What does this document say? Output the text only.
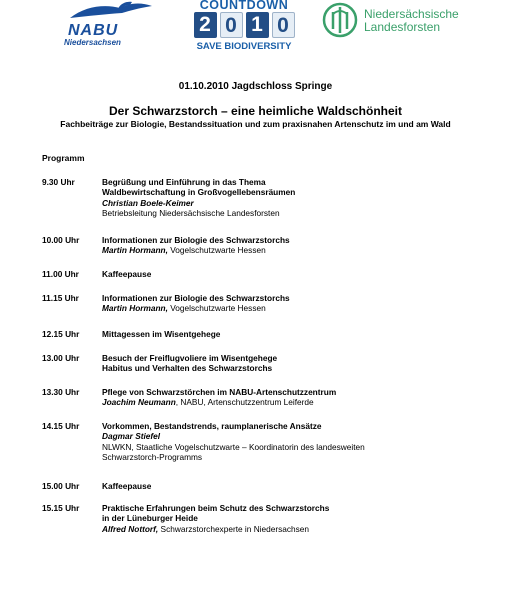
NABU
Niedersachsen
COUNTDOWN
2 0 1 0
SAVE BIODIVERSITY
Niedersächsische
Landesforsten
01.10.2010 Jagdschloss Springe
Der Schwarzstorch – eine heimliche Waldschönheit
Fachbeiträge zur Biologie, Bestandssituation und zum praxisnahen Artenschutz im und am Wald
Programm
9.30 Uhr	Begrüßung und Einführung in das Thema
Waldbewirtschaftung in Großvogellebensräumen
Christian Boele-Keimer
Betriebsleitung Niedersächsische Landesforsten
10.00 Uhr	Informationen zur Biologie des Schwarzstorchs
Martin Hormann, Vogelschutzwarte Hessen
11.00 Uhr	Kaffeepause
11.15 Uhr	Informationen zur Biologie des Schwarzstorchs
Martin Hormann, Vogelschutzwarte Hessen
12.15 Uhr	Mittagessen im Wisentgehege
13.00 Uhr	Besuch der Freiflugvoliere im Wisentgehege
Habitus und Verhalten des Schwarzstorchs
13.30 Uhr	Pflege von Schwarzstörchen im NABU-Artenschutzzentrum
Joachim Neumann, NABU, Artenschutzzentrum Leiferde
14.15 Uhr	Vorkommen, Bestandstrends, raumplanerische Ansätze
Dagmar Stiefel
NLWKN, Staatliche Vogelschutzwarte – Koordinatorin des landesweiten
Schwarzstorch-Programms
15.00 Uhr	Kaffeepause
15.15 Uhr	Praktische Erfahrungen beim Schutz des Schwarzstorchs
in der Lüneburger Heide
Alfred Nottorf, Schwarzstorchexperte in Niedersachsen
